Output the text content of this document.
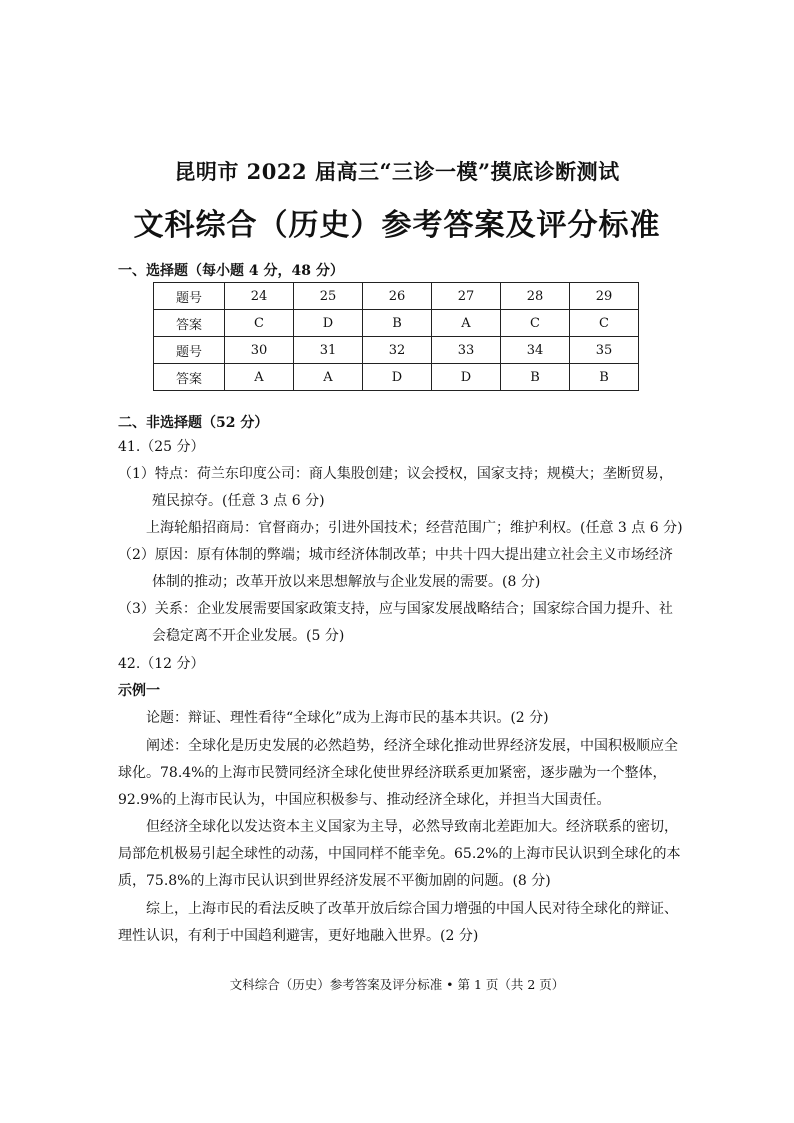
昆明市 2022 届高三“三诊一模”摸底诊断测试
文科综合（历史）参考答案及评分标准
一、选择题（每小题 4 分，48 分）
题号	24	25	26	27	28	29
答案	C	D	B	A	C	C
题号	30	31	32	33	34	35
答案	A	A	D	D	B	B
二、非选择题（52 分）
41.（25 分）
（1）特点：荷兰东印度公司：商人集股创建；议会授权，国家支持；规模大；垄断贸易，
殖民掠夺。(任意 3 点 6 分)
上海轮船招商局：官督商办；引进外国技术；经营范围广；维护利权。(任意 3 点 6 分)
（2）原因：原有体制的弊端；城市经济体制改革；中共十四大提出建立社会主义市场经济
体制的推动；改革开放以来思想解放与企业发展的需要。(8 分)
（3）关系：企业发展需要国家政策支持，应与国家发展战略结合；国家综合国力提升、社
会稳定离不开企业发展。(5 分)
42.（12 分）
示例一
论题：辩证、理性看待“全球化”成为上海市民的基本共识。(2 分)
阐述：全球化是历史发展的必然趋势，经济全球化推动世界经济发展，中国积极顺应全
球化。78.4%的上海市民赞同经济全球化使世界经济联系更加紧密，逐步融为一个整体，
92.9%的上海市民认为，中国应积极参与、推动经济全球化，并担当大国责任。
但经济全球化以发达资本主义国家为主导，必然导致南北差距加大。经济联系的密切，
局部危机极易引起全球性的动荡，中国同样不能幸免。65.2%的上海市民认识到全球化的本
质，75.8%的上海市民认识到世界经济发展不平衡加剧的问题。(8 分)
综上，上海市民的看法反映了改革开放后综合国力增强的中国人民对待全球化的辩证、
理性认识，有利于中国趋利避害，更好地融入世界。(2 分)
文科综合（历史）参考答案及评分标准 • 第 1 页（共 2 页）
